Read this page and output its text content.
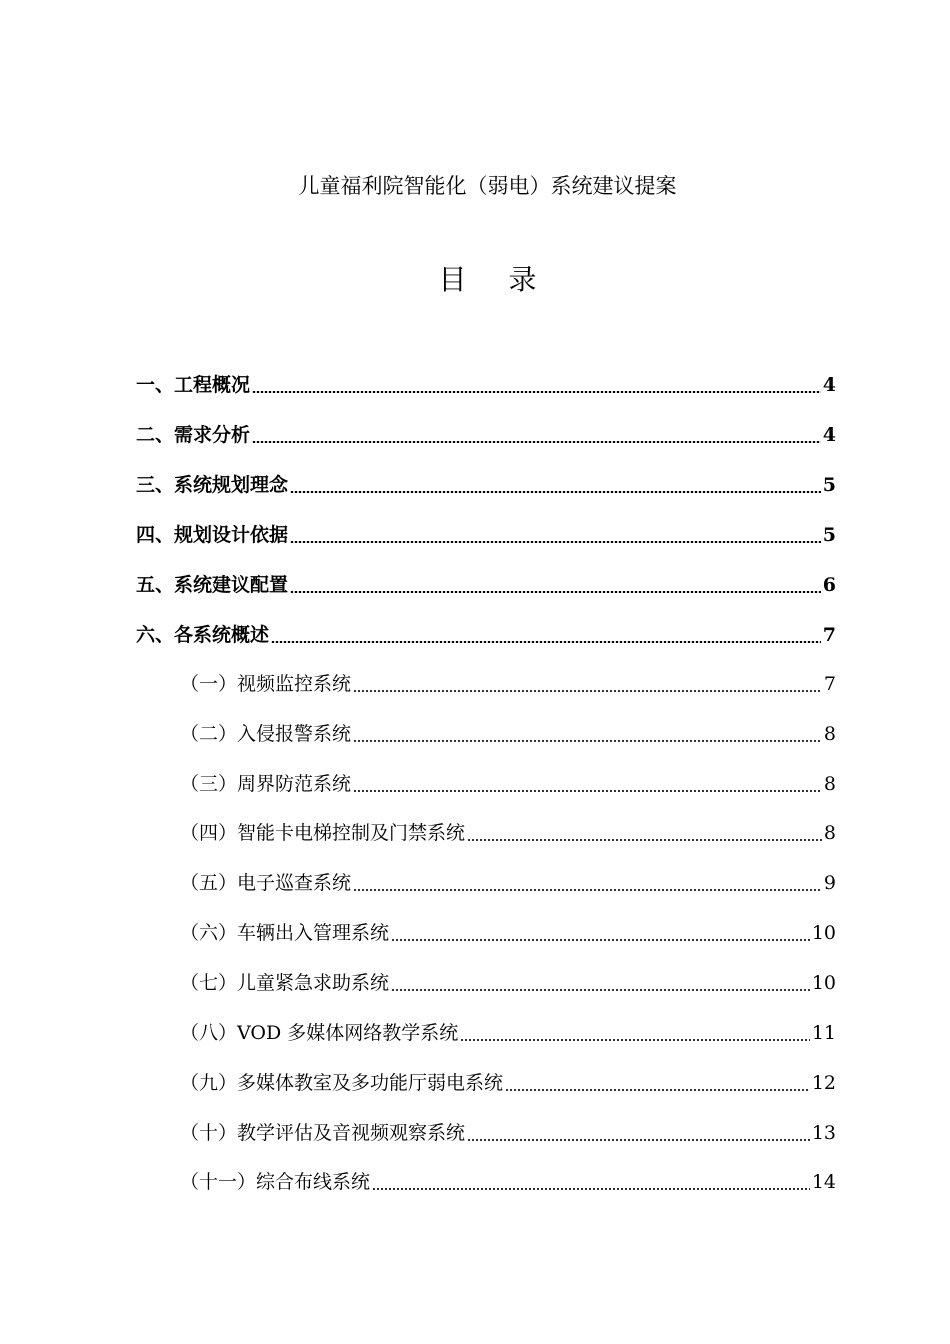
儿童福利院智能化（弱电）系统建议提案
目录
一、工程概况	4
二、需求分析	4
三、系统规划理念	5
四、规划设计依据	5
五、系统建议配置	6
六、各系统概述	7
（一）视频监控系统	7
（二）入侵报警系统	8
（三）周界防范系统	8
（四）智能卡电梯控制及门禁系统	8
（五）电子巡查系统	9
（六）车辆出入管理系统	10
（七）儿童紧急求助系统	10
（八）VOD 多媒体网络教学系统	11
（九）多媒体教室及多功能厅弱电系统	12
（十）教学评估及音视频观察系统	13
（十一）综合布线系统	14
